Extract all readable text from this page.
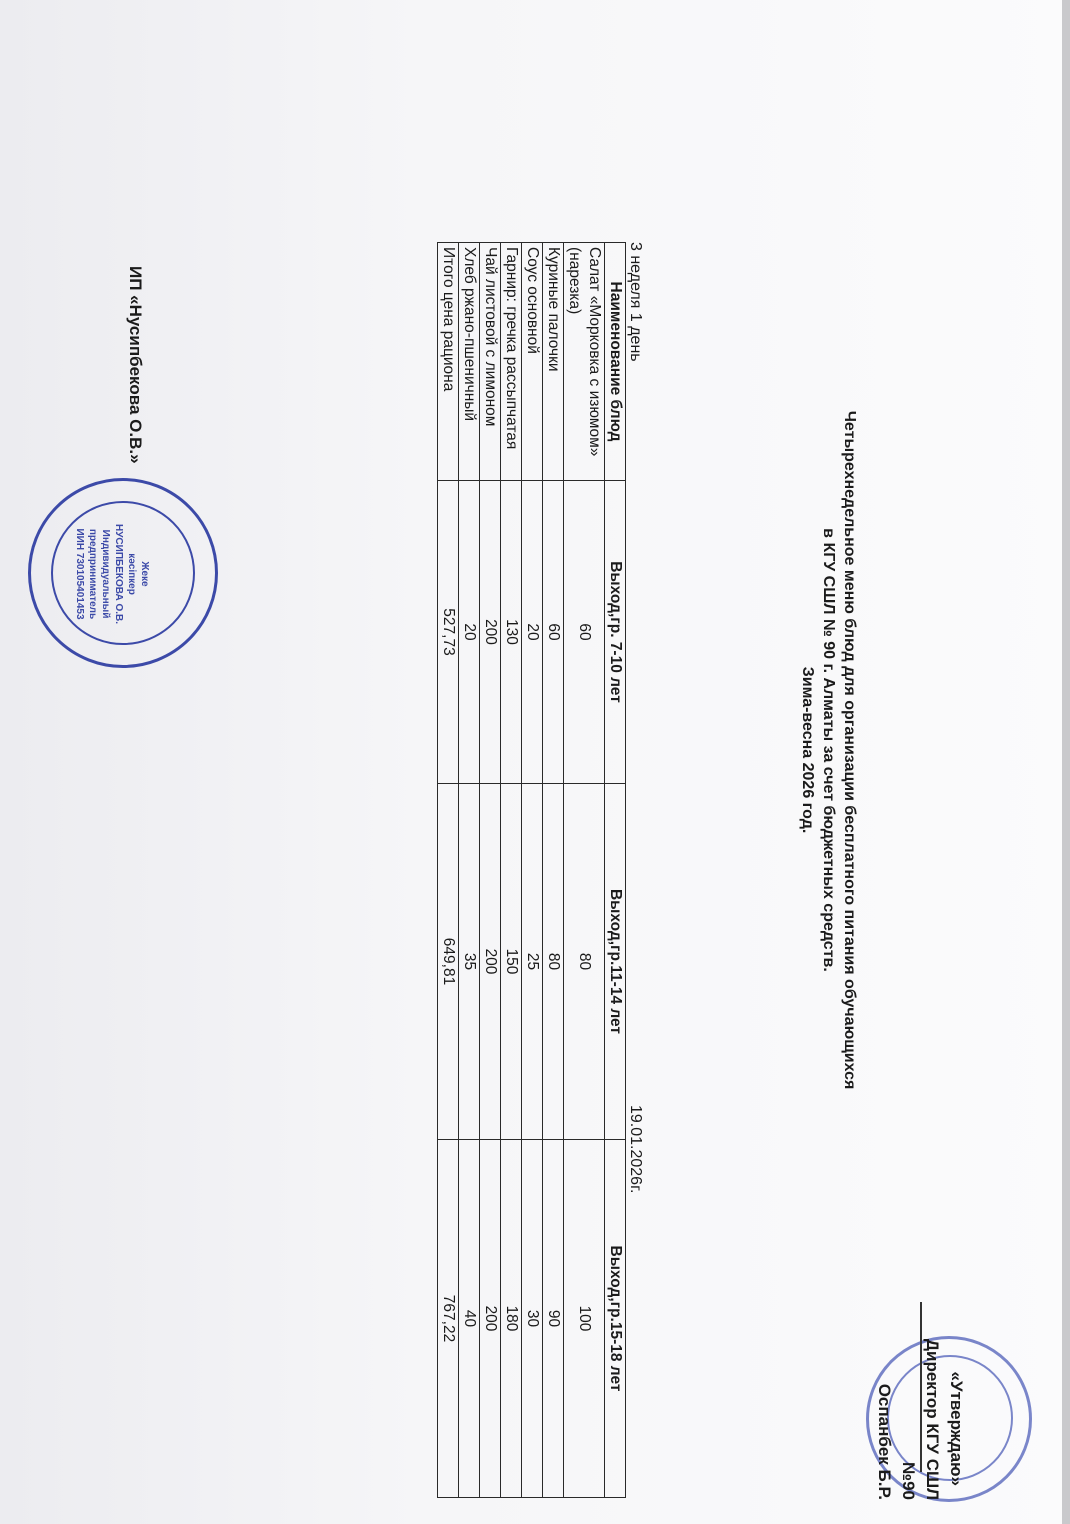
«Утверждаю»
Директор КГУ СШЛ №90
Оспанбек Б.Р.
Четырехнедельное меню блюд для организации бесплатного питания обучающихся
в КГУ СШЛ № 90 г. Алматы за счет бюджетных средств.
Зима-весна 2026 год.
3 неделя 1 день
19.01.2026г.
Наименование блюд	Выход,гр. 7-10 лет	Выход,гр.11-14 лет	Выход,гр.15-18 лет
Салат «Морковка с изюмом» (нарезка)	60	80	100
Куриные палочки	60	80	90
Соус основной	20	25	30
Гарнир: гречка рассыпчатая	130	150	180
Чай листовой с лимоном	200	200	200
Хлеб ржано-пшеничный	20	35	40
Итого цена рациона	527,73	649,81	767,22
ИП «Нусипбекова О.В.»
Жеке
кәсіпкер
НУСИПБЕКОВА О.В.
Индивидуальный
предприниматель
ИИН 730105401453
